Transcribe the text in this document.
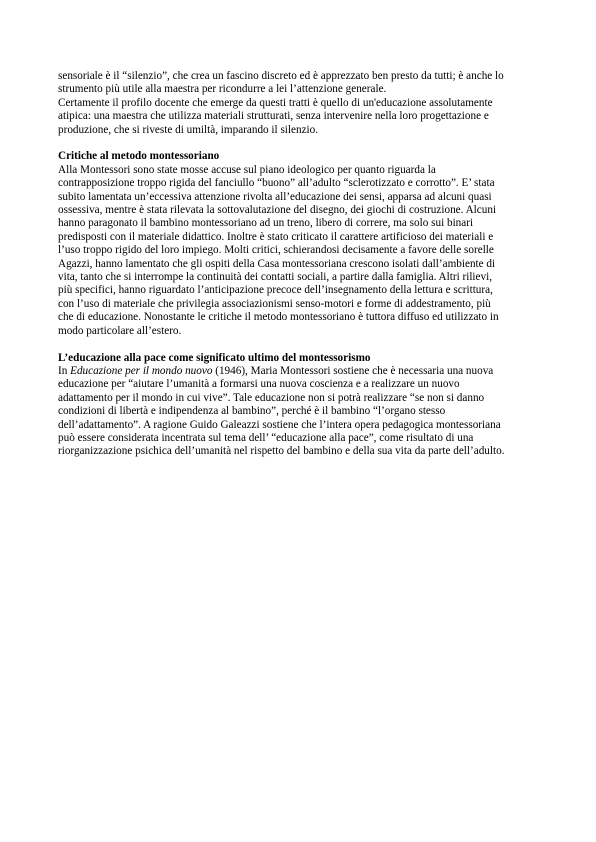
sensoriale è il “silenzio”, che crea un fascino discreto ed è apprezzato ben presto da tutti; è anche lo
strumento più utile alla maestra per ricondurre a lei l’attenzione generale.
Certamente il profilo docente che emerge da questi tratti è quello di un'educazione assolutamente
atipica: una maestra che utilizza materiali strutturati, senza intervenire nella loro progettazione e
produzione, che si riveste di umiltà, imparando il silenzio.
Critiche al metodo montessoriano
Alla Montessori sono state mosse accuse sul piano ideologico per quanto riguarda la
contrapposizione troppo rigida del fanciullo “buono” all’adulto “sclerotizzato e corrotto”. E’ stata
subito lamentata un’eccessiva attenzione rivolta all’educazione dei sensi, apparsa ad alcuni quasi
ossessiva, mentre è stata rilevata la sottovalutazione del disegno, dei giochi di costruzione. Alcuni
hanno paragonato il bambino montessoriano ad un treno, libero di correre, ma solo sui binari
predisposti con il materiale didattico. Inoltre è stato criticato il carattere artificioso dei materiali e
l’uso troppo rigido del loro impiego. Molti critici, schierandosi decisamente a favore delle sorelle
Agazzi, hanno lamentato che gli ospiti della Casa montessoriana crescono isolati dall’ambiente di
vita, tanto che si interrompe la continuità dei contatti sociali, a partire dalla famiglia. Altri rilievi,
più specifici, hanno riguardato l’anticipazione precoce dell’insegnamento della lettura e scrittura,
con l’uso di materiale che privilegia associazionismi senso-motori e forme di addestramento, più
che di educazione. Nonostante le critiche il metodo montessoriano è tuttora diffuso ed utilizzato in
modo particolare all’estero.
L’educazione alla pace come significato ultimo del montessorismo
In Educazione per il mondo nuovo (1946), Maria Montessori sostiene che è necessaria una nuova
educazione per “aiutare l’umanità a formarsi una nuova coscienza e a realizzare un nuovo
adattamento per il mondo in cui vive”. Tale educazione non si potrà realizzare “se non si danno
condizioni di libertà e indipendenza al bambino”, perché è il bambino “l’organo stesso
dell’adattamento”. A ragione Guido Galeazzi sostiene che l’intera opera pedagogica montessoriana
può essere considerata incentrata sul tema dell’ “educazione alla pace”, come risultato di una
riorganizzazione psichica dell’umanità nel rispetto del bambino e della sua vita da parte dell’adulto.
